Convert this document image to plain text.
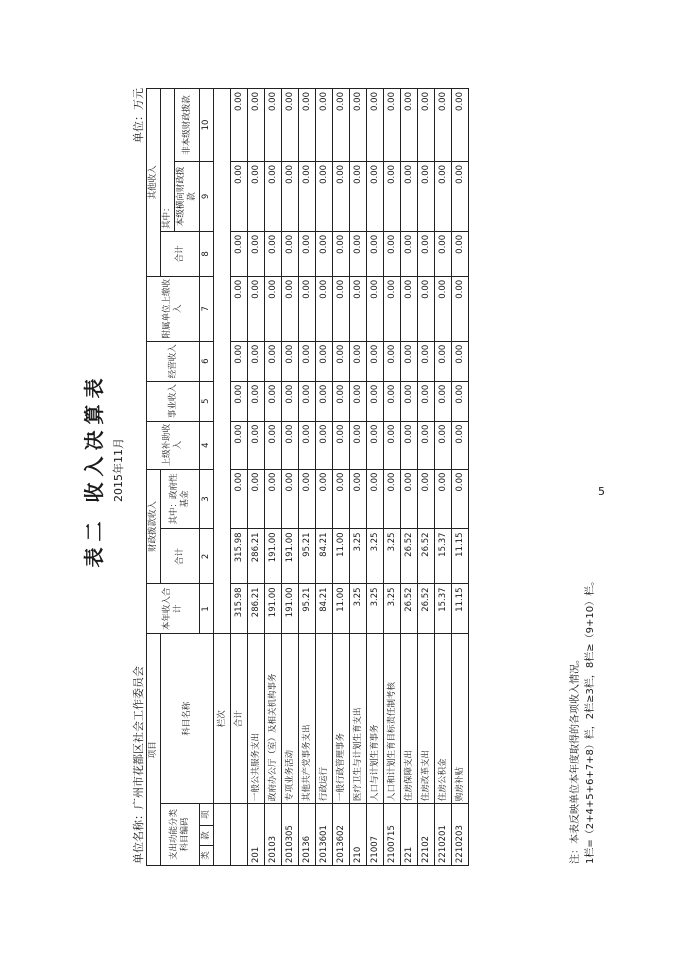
5
表二 收入决算表 2015年11月
单位名称：广州市花都区社会工作委员会
单位：万元
项目				本年收入合计	财政拨款收入		上级补助收入	事业收入	经营收入	附属单位上缴收入	其他收入		
支出功能分类科目编码			科目名称		合计	其中：政府性基金					合计	其中：	
												本级横向财政拨款	非本级财政拨款
类	款	项		1	2	3	4	5	6	7	8	9	10
			栏次										
			合计	315.98	315.98	0.00	0.00	0.00	0.00	0.00	0.00	0.00	0.00
201			一般公共服务支出	286.21	286.21	0.00	0.00	0.00	0.00	0.00	0.00	0.00	0.00
20103			政府办公厅（室）及相关机构事务	191.00	191.00	0.00	0.00	0.00	0.00	0.00	0.00	0.00	0.00
2010305			专项业务活动	191.00	191.00	0.00	0.00	0.00	0.00	0.00	0.00	0.00	0.00
20136			其他共产党事务支出	95.21	95.21	0.00	0.00	0.00	0.00	0.00	0.00	0.00	0.00
2013601			行政运行	84.21	84.21	0.00	0.00	0.00	0.00	0.00	0.00	0.00	0.00
2013602			一般行政管理事务	11.00	11.00	0.00	0.00	0.00	0.00	0.00	0.00	0.00	0.00
210			医疗卫生与计划生育支出	3.25	3.25	0.00	0.00	0.00	0.00	0.00	0.00	0.00	0.00
21007			人口与计划生育事务	3.25	3.25	0.00	0.00	0.00	0.00	0.00	0.00	0.00	0.00
2100715			人口和计划生育目标责任制考核	3.25	3.25	0.00	0.00	0.00	0.00	0.00	0.00	0.00	0.00
221			住房保障支出	26.52	26.52	0.00	0.00	0.00	0.00	0.00	0.00	0.00	0.00
22102			住房改革支出	26.52	26.52	0.00	0.00	0.00	0.00	0.00	0.00	0.00	0.00
2210201			住房公积金	15.37	15.37	0.00	0.00	0.00	0.00	0.00	0.00	0.00	0.00
2210203			购房补贴	11.15	11.15	0.00	0.00	0.00	0.00	0.00	0.00	0.00	0.00
注：本表反映单位本年度取得的各项收入情况。 1栏=（2+4+5+6+7+8）栏，2栏≥3栏，8栏≥（9+10）栏。
